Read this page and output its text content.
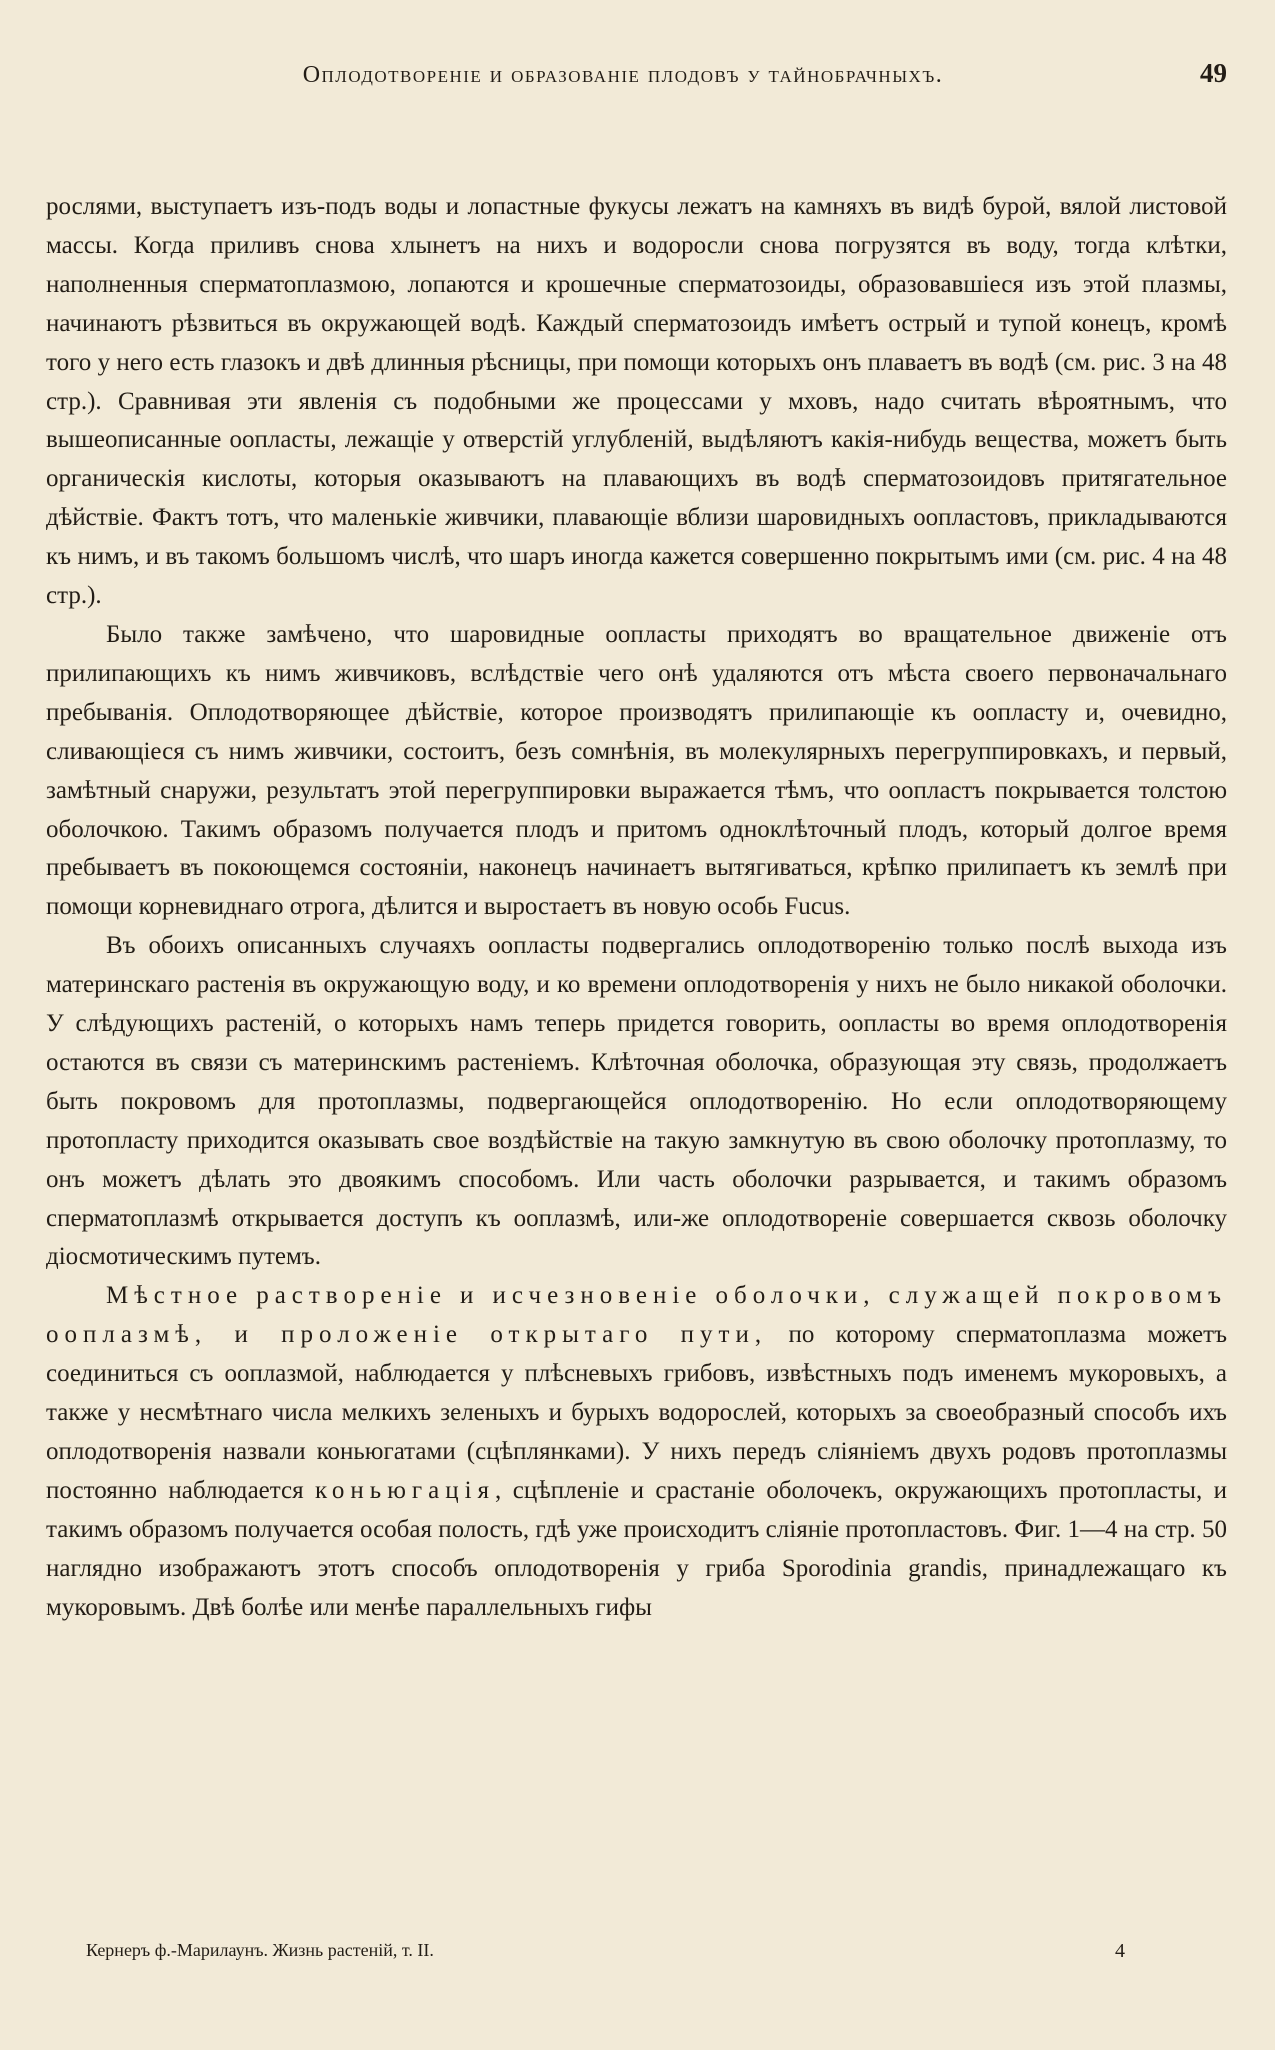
Оплодотвореніе и образованіе плодовъ у тайнобрачныхъ.	49

рослями, выступаетъ изъ-подъ воды и лопастные фукусы лежатъ на камняхъ въ видѣ бурой, вялой листовой массы. Когда приливъ снова хлынетъ на нихъ и водоросли снова погрузятся въ воду, тогда клѣтки, наполненныя сперматоплазмою, лопаются и крошечные сперматозоиды, образовавшіеся изъ этой плазмы, начинаютъ рѣзвиться въ окружающей водѣ. Каждый сперматозоидъ имѣетъ острый и тупой конецъ, кромѣ того у него есть глазокъ и двѣ длинныя рѣсницы, при помощи которыхъ онъ плаваетъ въ водѣ (см. рис. 3 на 48 стр.). Сравнивая эти явленія съ подобными же процессами у мховъ, надо считать вѣроятнымъ, что вышеописанные оопласты, лежащіе у отверстій углубленій, выдѣляютъ какія-нибудь вещества, можетъ быть органическія кислоты, которыя оказываютъ на плавающихъ въ водѣ сперматозоидовъ притягательное дѣйствіе. Фактъ тотъ, что маленькіе живчики, плавающіе вблизи шаровидныхъ оопластовъ, прикладываются къ нимъ, и въ такомъ большомъ числѣ, что шаръ иногда кажется совершенно покрытымъ ими (см. рис. 4 на 48 стр.).

Было также замѣчено, что шаровидные оопласты приходятъ во вращательное движеніе отъ прилипающихъ къ нимъ живчиковъ, вслѣдствіе чего онѣ удаляются отъ мѣста своего первоначальнаго пребыванія. Оплодотворяющее дѣйствіе, которое производятъ прилипающіе къ оопласту и, очевидно, сливающіеся съ нимъ живчики, состоитъ, безъ сомнѣнія, въ молекулярныхъ перегруппировкахъ, и первый, замѣтный снаружи, результатъ этой перегруппировки выражается тѣмъ, что оопластъ покрывается толстою оболочкою. Такимъ образомъ получается плодъ и притомъ одноклѣточный плодъ, который долгое время пребываетъ въ покоющемся состояніи, наконецъ начинаетъ вытягиваться, крѣпко прилипаетъ къ землѣ при помощи корневиднаго отрога, дѣлится и выростаетъ въ новую особь Fucus.

Въ обоихъ описанныхъ случаяхъ оопласты подвергались оплодотворенію только послѣ выхода изъ материнскаго растенія въ окружающую воду, и ко времени оплодотворенія у нихъ не было никакой оболочки. У слѣдующихъ растеній, о которыхъ намъ теперь придется говорить, оопласты во время оплодотворенія остаются въ связи съ материнскимъ растеніемъ. Клѣточная оболочка, образующая эту связь, продолжаетъ быть покровомъ для протоплазмы, подвергающейся оплодотворенію. Но если оплодотворяющему протопласту приходится оказывать свое воздѣйствіе на такую замкнутую въ свою оболочку протоплазму, то онъ можетъ дѣлать это двоякимъ способомъ. Или часть оболочки разрывается, и такимъ образомъ сперматоплазмѣ открывается доступъ къ ооплазмѣ, или-же оплодотвореніе совершается сквозь оболочку діосмотическимъ путемъ.

Мѣстное раствореніе и исчезновеніе оболочки, служащей покровомъ ооплазмѣ, и проложеніе открытаго пути, по которому сперматоплазма можетъ соединиться съ ооплазмой, наблюдается у плѣсневыхъ грибовъ, извѣстныхъ подъ именемъ мукоровыхъ, а также у несмѣтнаго числа мелкихъ зеленыхъ и бурыхъ водорослей, которыхъ за своеобразный способъ ихъ оплодотворенія назвали коньюгатами (сцѣплянками). У нихъ передъ сліяніемъ двухъ родовъ протоплазмы постоянно наблюдается коньюгація, сцѣпленіе и срастаніе оболочекъ, окружающихъ протопласты, и такимъ образомъ получается особая полость, гдѣ уже происходитъ сліяніе протопластовъ. Фиг. 1—4 на стр. 50 наглядно изображаютъ этотъ способъ оплодотворенія у гриба Sporodinia grandis, принадлежащаго къ мукоровымъ. Двѣ болѣе или менѣе параллельныхъ гифы

Кернеръ ф.-Марилаунъ. Жизнь растеній, т. II.	4
